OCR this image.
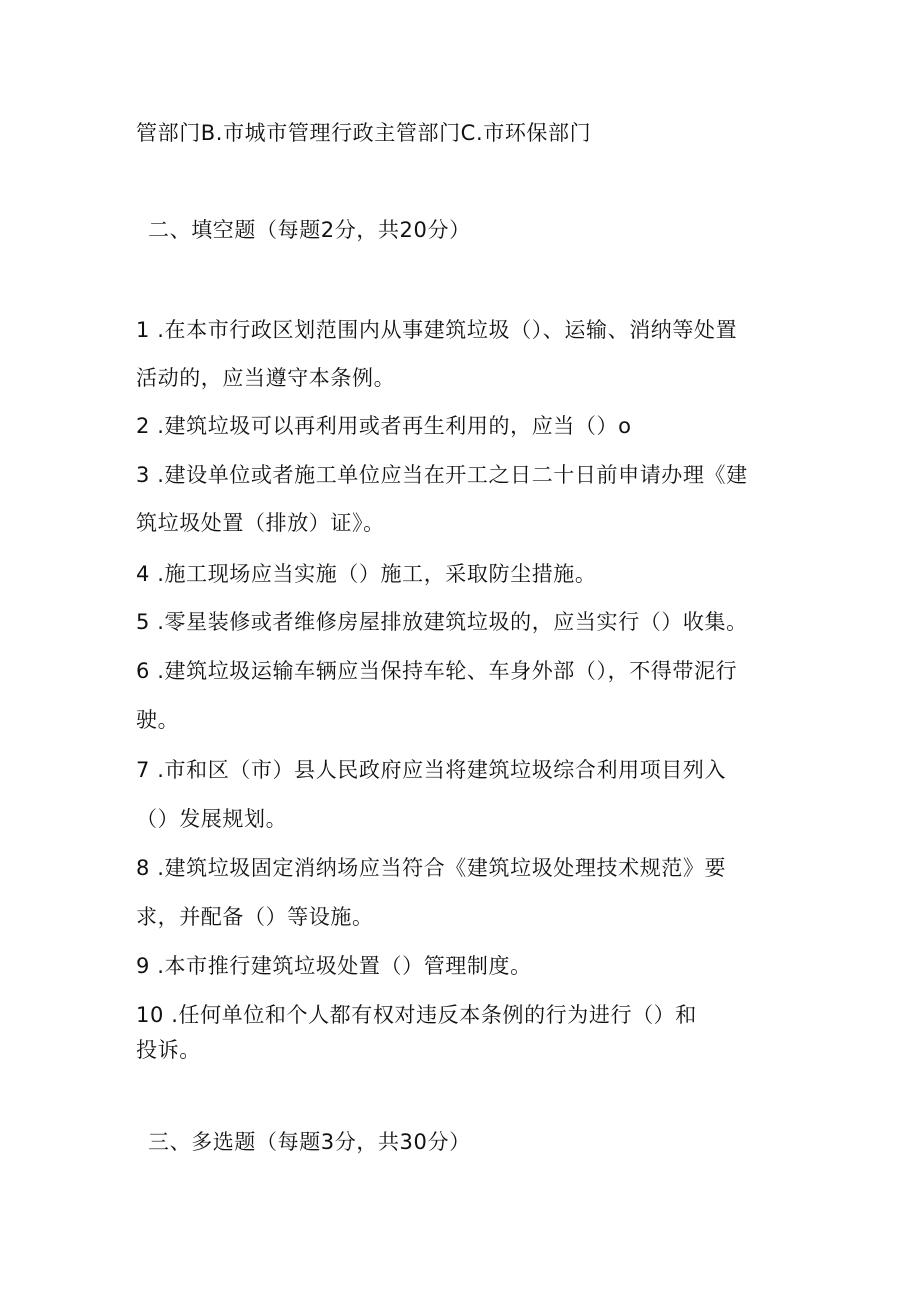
管部门B.市城市管理行政主管部门C.市环保部门
二、填空题（每题2分，共20分）
1 .在本市行政区划范围内从事建筑垃圾（）、运输、消纳等处置
活动的，应当遵守本条例。
2 .建筑垃圾可以再利用或者再生利用的，应当（）o
3 .建设单位或者施工单位应当在开工之日二十日前申请办理《建
筑垃圾处置（排放）证》。
4 .施工现场应当实施（）施工，采取防尘措施。
5 .零星装修或者维修房屋排放建筑垃圾的，应当实行（）收集。
6 .建筑垃圾运输车辆应当保持车轮、车身外部（），不得带泥行
驶。
7 .市和区（市）县人民政府应当将建筑垃圾综合利用项目列入
（）发展规划。
8 .建筑垃圾固定消纳场应当符合《建筑垃圾处理技术规范》要
求，并配备（）等设施。
9 .本市推行建筑垃圾处置（）管理制度。
10 .任何单位和个人都有权对违反本条例的行为进行（）和
投诉。
三、多选题（每题3分，共30分）
